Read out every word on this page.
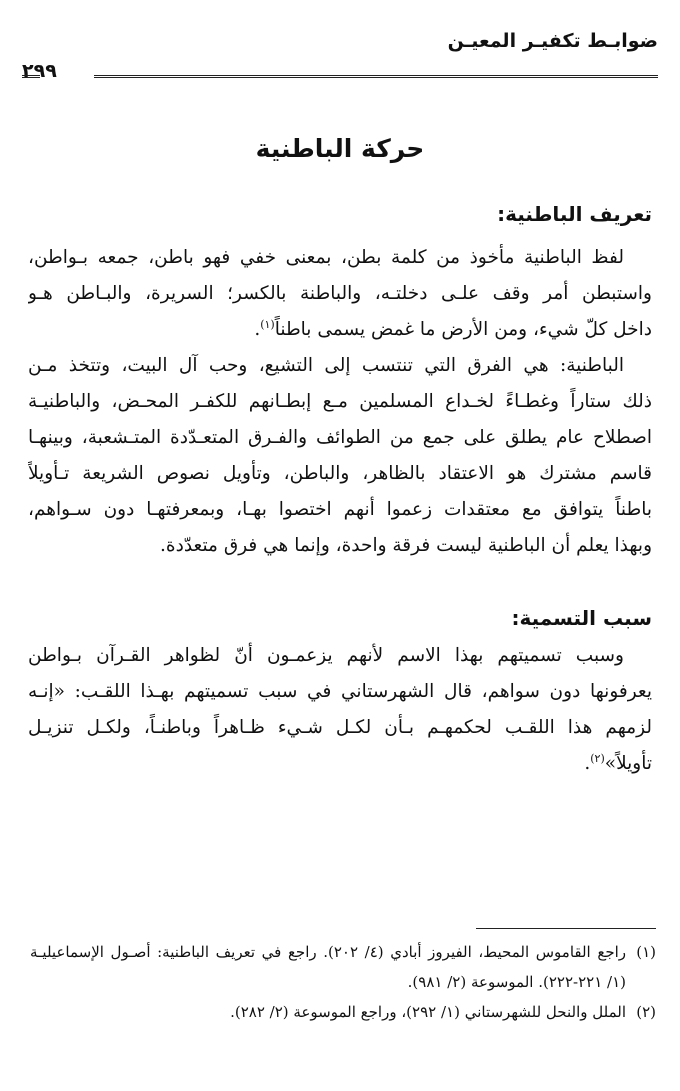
ضوابـط تكفيـر المعيـن
٢٩٩
حركة الباطنية
تعريف الباطنية:
لفظ الباطنية مأخوذ من كلمة بطن، بمعنى خفي فهو باطن، جمعه بـواطن،
واستبطن أمر وقف علـى دخلتـه، والباطنة بالكسر؛ السريرة، والبـاطن هـو
داخل كلّ شيء، ومن الأرض ما غمض يسمى باطناً$^{(١)}$.
الباطنية: هي الفرق التي تنتسب إلى التشيع، وحب آل البيت، وتتخذ مـن
ذلك ستاراً وغطـاءً لخـداع المسلمين مـع إبطـانهم للكفـر المحـض، والباطنيـة
اصطلاح عام يطلق على جمع من الطوائف والفـرق المتعـدّدة المتـشعبة، وبينهـا
قاسم مشترك هو الاعتقاد بالظاهر، والباطن، وتأويل نصوص الشريعة تـأويلاً
باطناً يتوافق مع معتقدات زعموا أنهم اختصوا بهـا، وبمعرفتهـا دون سـواهم،
وبهذا يعلم أن الباطنية ليست فرقة واحدة، وإنما هي فرق متعدّدة.
سبب التسمية:
وسبب تسميتهم بهذا الاسم لأنهم يزعمـون أنّ لظواهر القـرآن بـواطن
يعرفونها دون سواهم، قال الشهرستاني في سبب تسميتهم بهـذا اللقـب: «إنـه
لزمهم هذا اللقـب لحكمهـم بـأن لكـل شـيء ظـاهراً وباطنـاً، ولكـل تنزيـل
تأويلاً»$^{(٢)}$.
(١)راجع القاموس المحيط، الفيروز أبادي (٤/ ٢٠٢). راجع في تعريف الباطنية: أصـول الإسماعيليـة
(١/ ٢٢١-٢٢٢). الموسوعة (٢/ ٩٨١).
(٢)الملل والنحل للشهرستاني (١/ ٢٩٢)، وراجع الموسوعة (٢/ ٢٨٢).
